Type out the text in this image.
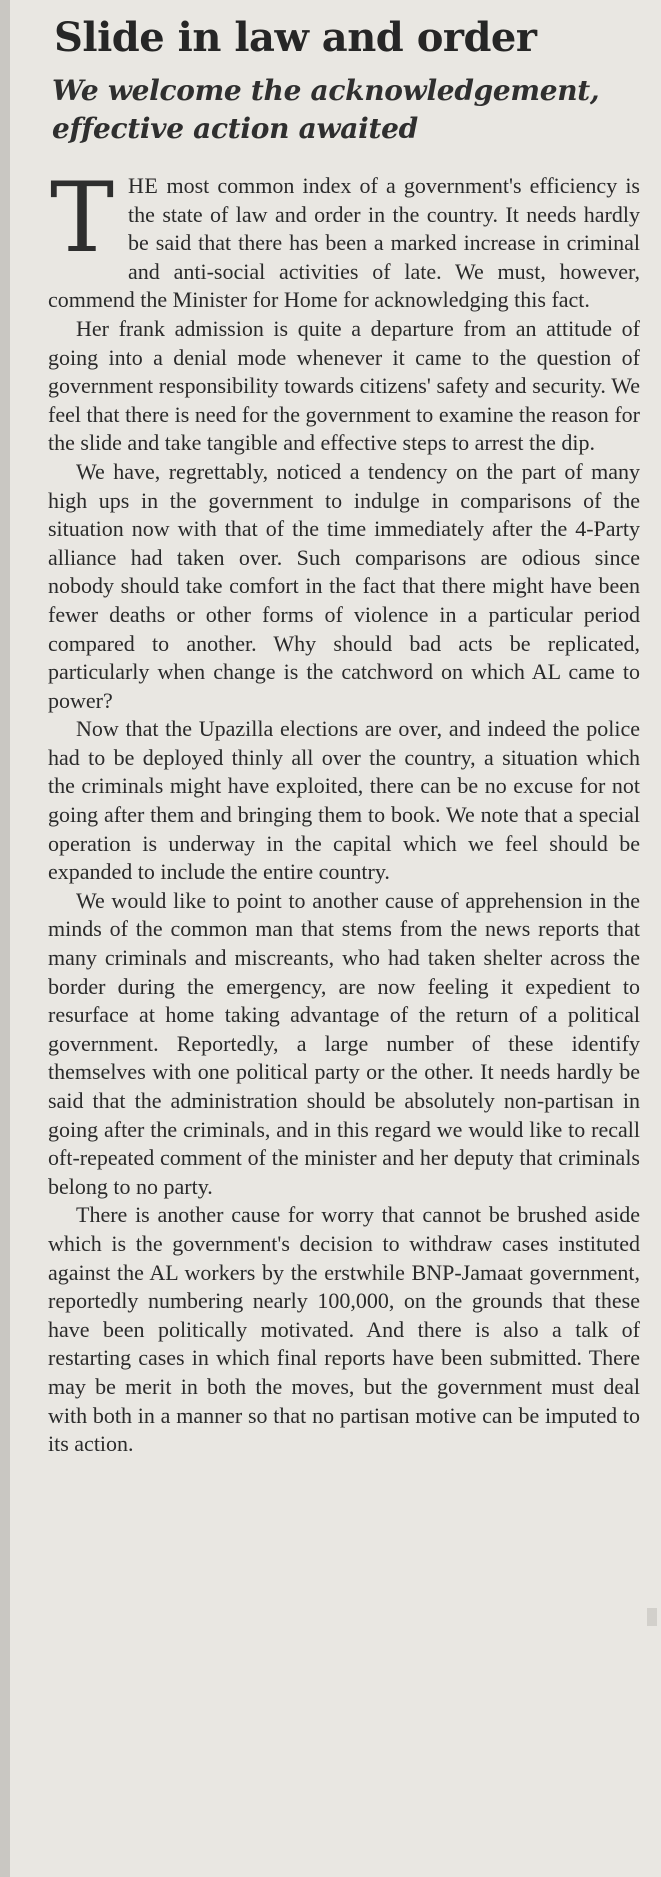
Slide in law and order
We welcome the acknowledgement, effective action awaited

THE most common index of a government's efficiency is the state of law and order in the country. It needs hardly be said that there has been a marked increase in criminal and anti-social activities of late. We must, however, commend the Minister for Home for acknowledging this fact.

Her frank admission is quite a departure from an attitude of going into a denial mode whenever it came to the question of government responsibility towards citizens' safety and security. We feel that there is need for the government to examine the reason for the slide and take tangible and effective steps to arrest the dip.

We have, regrettably, noticed a tendency on the part of many high ups in the government to indulge in comparisons of the situation now with that of the time immediately after the 4-Party alliance had taken over. Such comparisons are odious since nobody should take comfort in the fact that there might have been fewer deaths or other forms of violence in a particular period compared to another. Why should bad acts be replicated, particularly when change is the catchword on which AL came to power?

Now that the Upazilla elections are over, and indeed the police had to be deployed thinly all over the country, a situation which the criminals might have exploited, there can be no excuse for not going after them and bringing them to book. We note that a special operation is underway in the capital which we feel should be expanded to include the entire country.

We would like to point to another cause of apprehension in the minds of the common man that stems from the news reports that many criminals and miscreants, who had taken shelter across the border during the emergency, are now feeling it expedient to resurface at home taking advantage of the return of a political government. Reportedly, a large number of these identify themselves with one political party or the other. It needs hardly be said that the administration should be absolutely non-partisan in going after the criminals, and in this regard we would like to recall oft-repeated comment of the minister and her deputy that criminals belong to no party.

There is another cause for worry that cannot be brushed aside which is the government's decision to withdraw cases instituted against the AL workers by the erstwhile BNP-Jamaat government, reportedly numbering nearly 100,000, on the grounds that these have been politically motivated. And there is also a talk of restarting cases in which final reports have been submitted. There may be merit in both the moves, but the government must deal with both in a manner so that no partisan motive can be imputed to its action.
